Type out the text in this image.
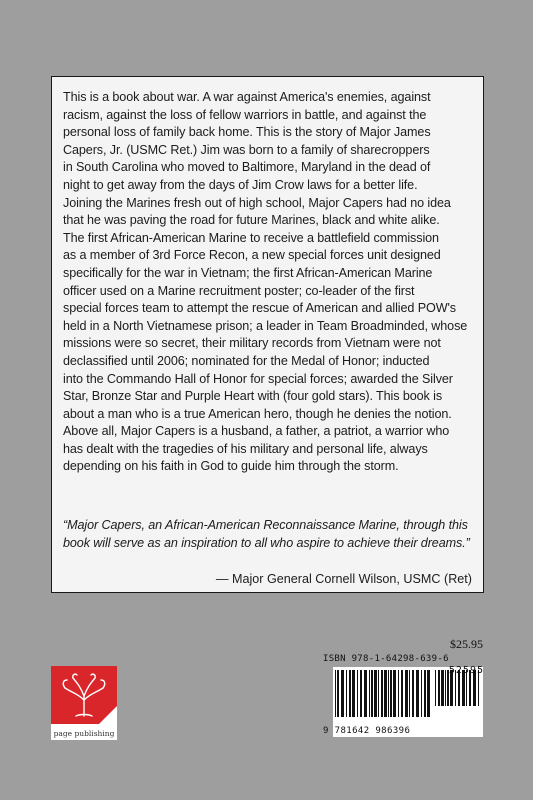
This is a book about war. A war against America's enemies, against
racism, against the loss of fellow warriors in battle, and against the
personal loss of family back home. This is the story of Major James
Capers, Jr. (USMC Ret.) Jim was born to a family of sharecroppers
in South Carolina who moved to Baltimore, Maryland in the dead of
night to get away from the days of Jim Crow laws for a better life.
Joining the Marines fresh out of high school, Major Capers had no idea
that he was paving the road for future Marines, black and white alike.
The first African-American Marine to receive a battlefield commission
as a member of 3rd Force Recon, a new special forces unit designed
specifically for the war in Vietnam; the first African-American Marine
officer used on a Marine recruitment poster; co-leader of the first
special forces team to attempt the rescue of American and allied POW's
held in a North Vietnamese prison; a leader in Team Broadminded, whose
missions were so secret, their military records from Vietnam were not
declassified until 2006; nominated for the Medal of Honor; inducted
into the Commando Hall of Honor for special forces; awarded the Silver
Star, Bronze Star and Purple Heart with (four gold stars). This book is
about a man who is a true American hero, though he denies the notion.
Above all, Major Capers is a husband, a father, a patriot, a warrior who
has dealt with the tragedies of his military and personal life, always
depending on his faith in God to guide him through the storm.

“Major Capers, an African-American Reconnaissance Marine, through this
book will serve as an inspiration to all who aspire to achieve their dreams.”

— Major General Cornell Wilson, USMC (Ret)

page publishing
$25.95
ISBN 978-1-64298-639-6
52595
9 781642 986396
